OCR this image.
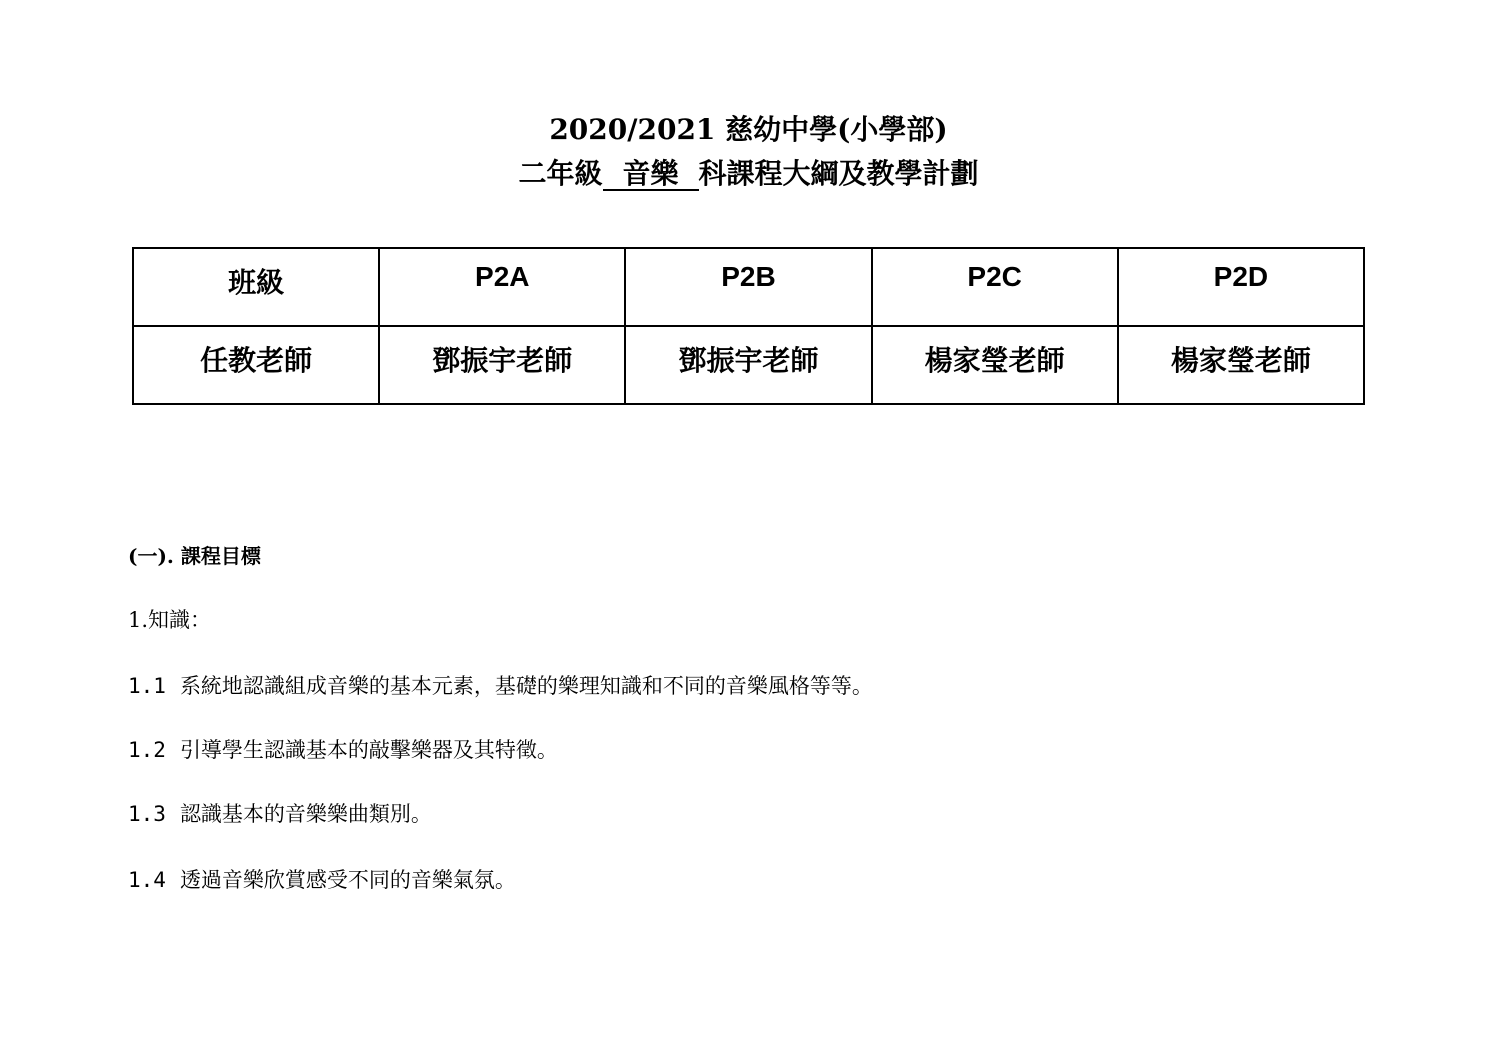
2020/2021 慈幼中學(小學部)
二年級 音樂 科課程大綱及教學計劃
班級	P2A	P2B	P2C	P2D
任教老師	鄧振宇老師	鄧振宇老師	楊家瑩老師	楊家瑩老師
(一). 課程目標
1.知識：
1.1 系統地認識組成音樂的基本元素，基礎的樂理知識和不同的音樂風格等等。
1.2 引導學生認識基本的敲擊樂器及其特徵。
1.3 認識基本的音樂樂曲類別。
1.4 透過音樂欣賞感受不同的音樂氣氛。
